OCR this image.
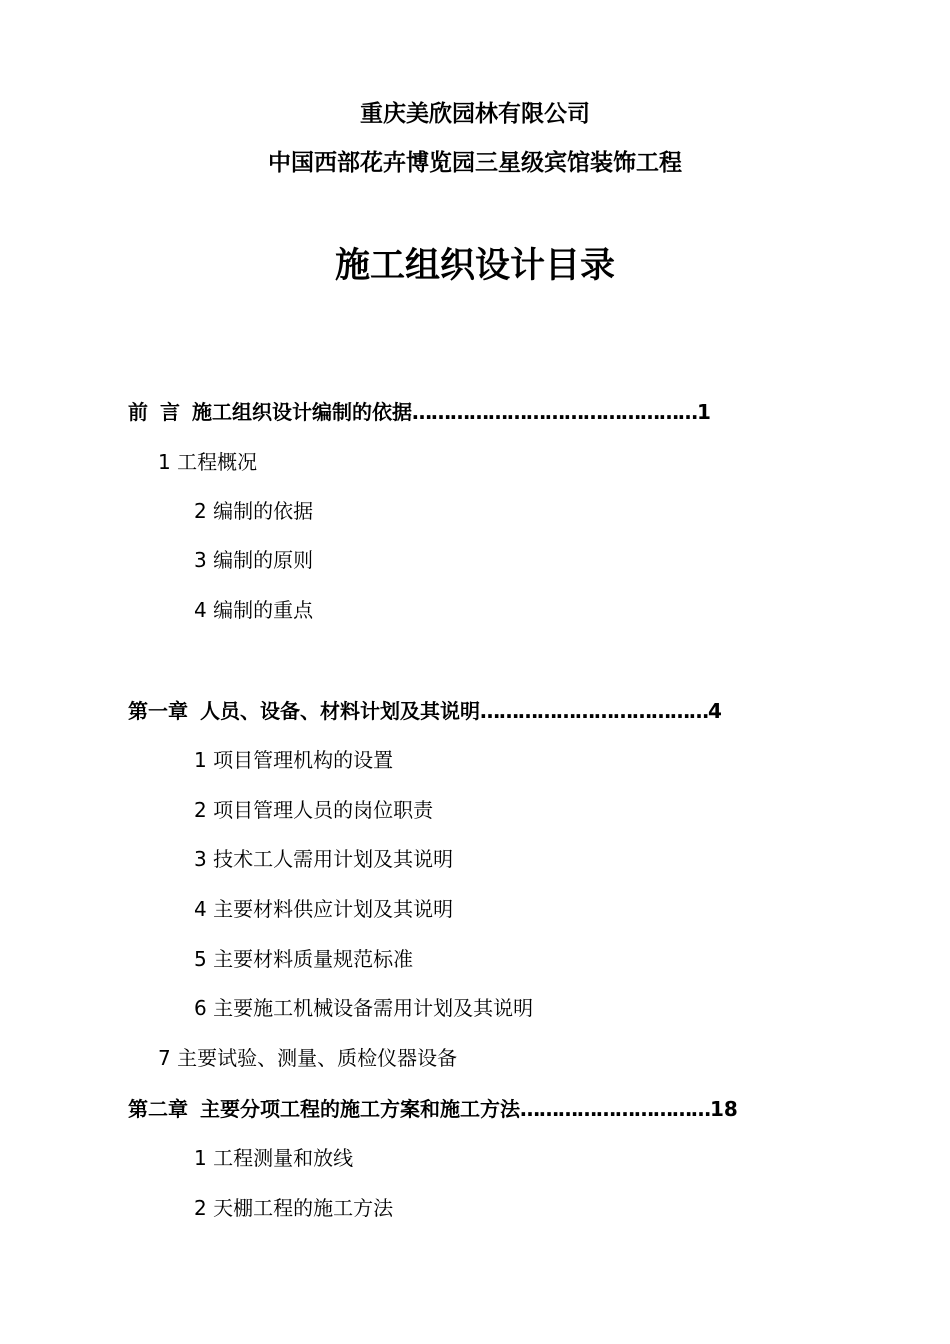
重庆美欣园林有限公司
中国西部花卉博览园三星级宾馆装饰工程
施工组织设计目录
前 言 施工组织设计编制的依据………………………………………1
1 工程概况
2 编制的依据
3 编制的原则
4 编制的重点
第一章 人员、设备、材料计划及其说明………………………………4
1 项目管理机构的设置
2 项目管理人员的岗位职责
3 技术工人需用计划及其说明
4 主要材料供应计划及其说明
5 主要材料质量规范标准
6 主要施工机械设备需用计划及其说明
7 主要试验、测量、质检仪器设备
第二章 主要分项工程的施工方案和施工方法…………………………18
1 工程测量和放线
2 天棚工程的施工方法
